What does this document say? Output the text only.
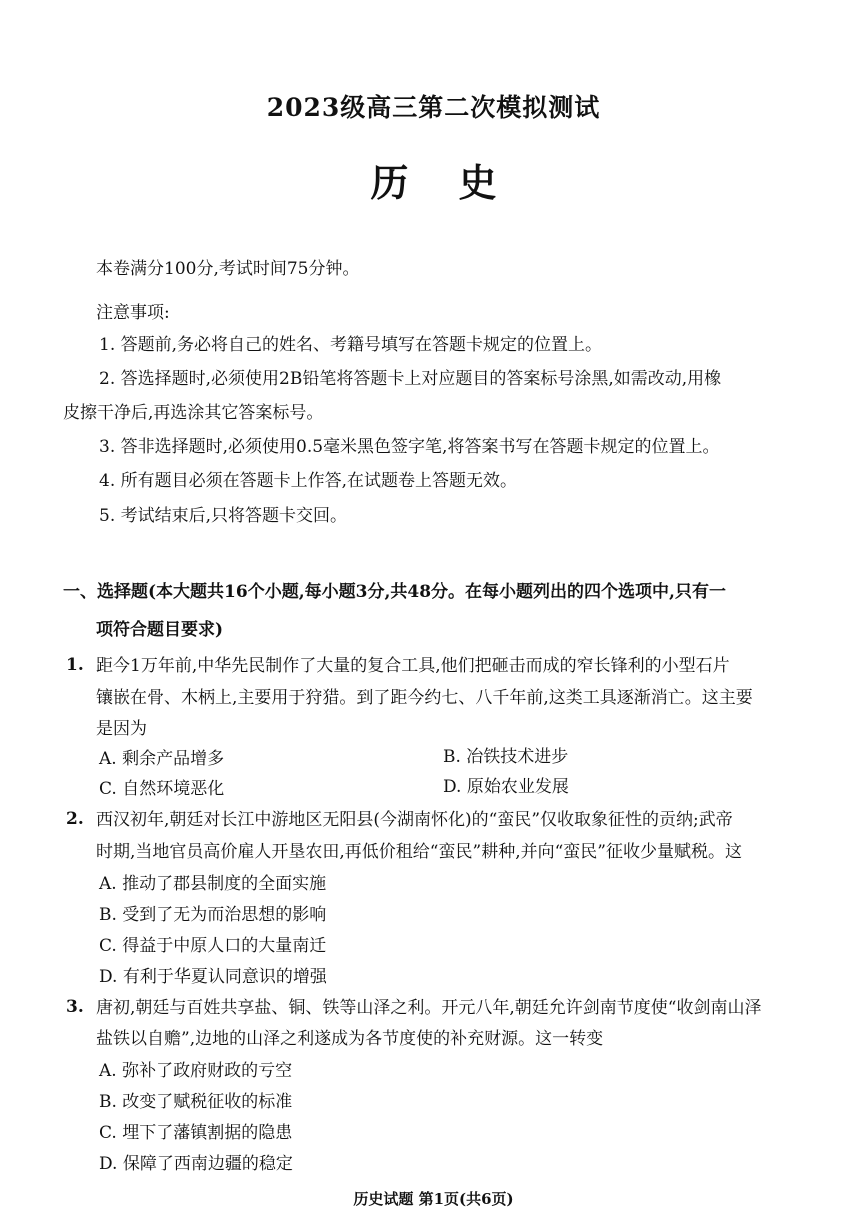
2023级高三第二次模拟测试
历史
本卷满分100分,考试时间75分钟。
注意事项:
1. 答题前,务必将自己的姓名、考籍号填写在答题卡规定的位置上。
2. 答选择题时,必须使用2B铅笔将答题卡上对应题目的答案标号涂黑,如需改动,用橡
皮擦干净后,再选涂其它答案标号。
3. 答非选择题时,必须使用0.5毫米黑色签字笔,将答案书写在答题卡规定的位置上。
4. 所有题目必须在答题卡上作答,在试题卷上答题无效。
5. 考试结束后,只将答题卡交回。
一、选择题(本大题共16个小题,每小题3分,共48分。在每小题列出的四个选项中,只有一
项符合题目要求)
1. 距今1万年前,中华先民制作了大量的复合工具,他们把砸击而成的窄长锋利的小型石片
镶嵌在骨、木柄上,主要用于狩猎。到了距今约七、八千年前,这类工具逐渐消亡。这主要
是因为
A. 剩余产品增多	B. 冶铁技术进步
C. 自然环境恶化	D. 原始农业发展
2. 西汉初年,朝廷对长江中游地区无阳县(今湖南怀化)的“蛮民”仅收取象征性的贡纳;武帝
时期,当地官员高价雇人开垦农田,再低价租给“蛮民”耕种,并向“蛮民”征收少量赋税。这
A. 推动了郡县制度的全面实施
B. 受到了无为而治思想的影响
C. 得益于中原人口的大量南迁
D. 有利于华夏认同意识的增强
3. 唐初,朝廷与百姓共享盐、铜、铁等山泽之利。开元八年,朝廷允许剑南节度使“收剑南山泽
盐铁以自赡”,边地的山泽之利遂成为各节度使的补充财源。这一转变
A. 弥补了政府财政的亏空
B. 改变了赋税征收的标准
C. 埋下了藩镇割据的隐患
D. 保障了西南边疆的稳定
历史试题 第1页(共6页)
